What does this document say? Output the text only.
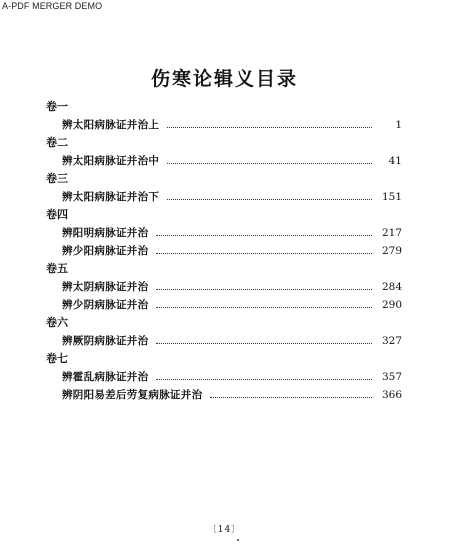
A-PDF MERGER DEMO
伤寒论辑义目录
卷一
辨太阳病脉证并治上	1
卷二
辨太阳病脉证并治中	41
卷三
辨太阳病脉证并治下	151
卷四
辨阳明病脉证并治	217
辨少阳病脉证并治	279
卷五
辨太阴病脉证并治	284
辨少阴病脉证并治	290
卷六
辨厥阴病脉证并治	327
卷七
辨霍乱病脉证并治	357
辨阴阳易差后劳复病脉证并治	366
〔14〕
